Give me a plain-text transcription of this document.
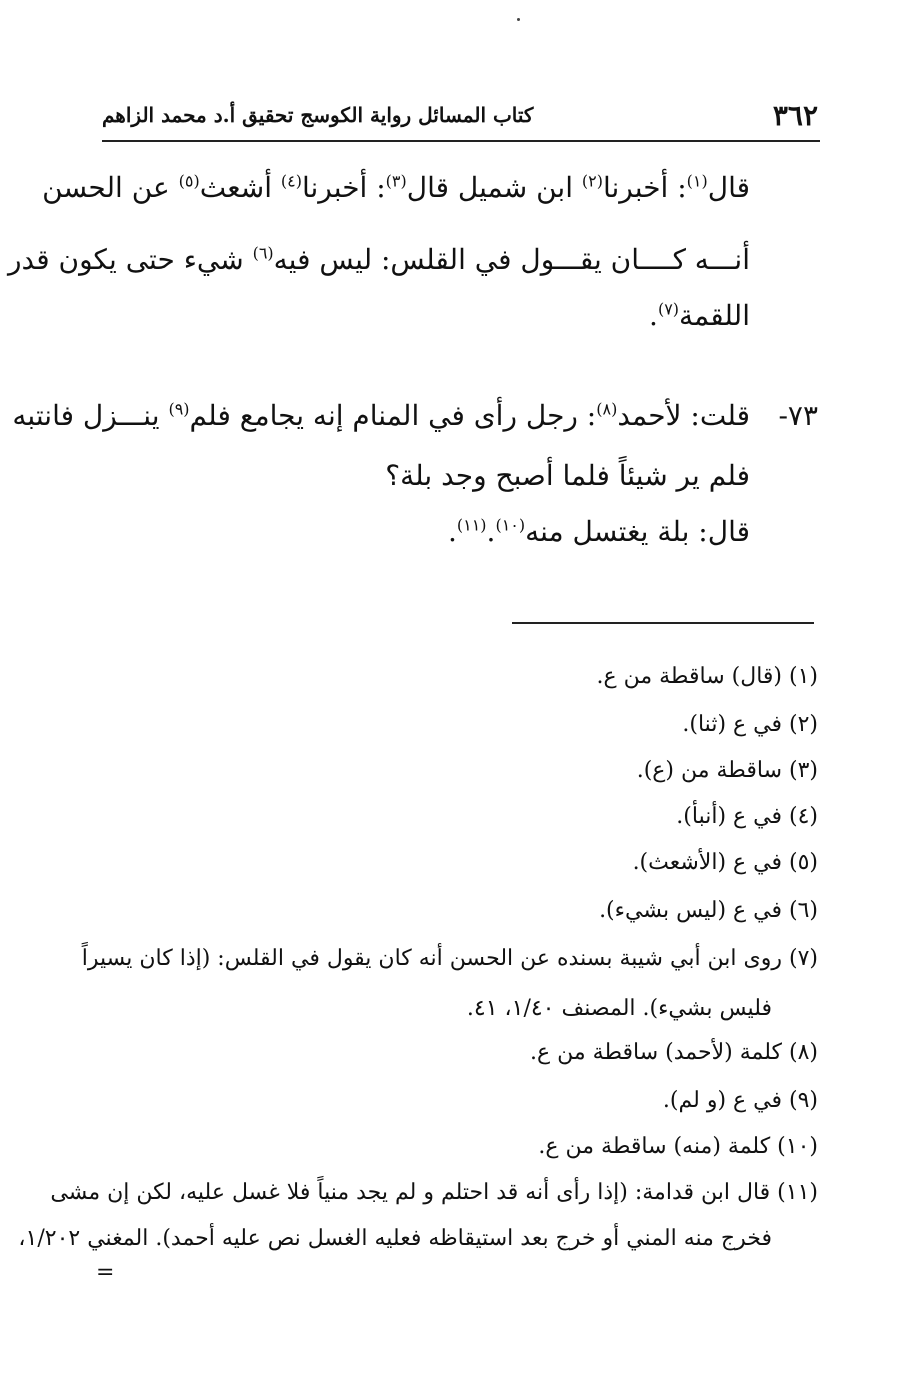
٣٦٢
كتاب المسائل رواية الكوسج تحقيق أ.د محمد الزاهم
قال$^{(١)}$: أخبرنا$^{(٢)}$ ابن شميل قال$^{(٣)}$: أخبرنا$^{(٤)}$ أشعث$^{(٥)}$ عن الحسن
أنـــه كــــان يقـــول في القلس: ليس فيه$^{(٦)}$ شيء حتى يكون قدر
اللقمة$^{(٧)}$.
٧٣-
قلت: لأحمد$^{(٨)}$: رجل رأى في المنام إنه يجامع فلم$^{(٩)}$ ينـــزل فانتبه
فلم ير شيئاً فلما أصبح وجد بلة؟
قال: بلة يغتسل منه$^{(١٠)}$.$^{(١١)}$.
(١) (قال) ساقطة من ع.
(٢) في ع (ثنا).
(٣) ساقطة من (ع).
(٤) في ع (أنبأ).
(٥) في ع (الأشعث).
(٦) في ع (ليس بشيء).
(٧) روى ابن أبي شيبة بسنده عن الحسن أنه كان يقول في القلس: (إذا كان يسيراً
فليس بشيء). المصنف ١/٤٠، ٤١.
(٨) كلمة (لأحمد) ساقطة من ع.
(٩) في ع (و لم).
(١٠) كلمة (منه) ساقطة من ع.
(١١) قال ابن قدامة: (إذا رأى أنه قد احتلم و لم يجد منياً فلا غسل عليه، لكن إن مشى
فخرج منه المني أو خرج بعد استيقاظه فعليه الغسل نص عليه أحمد). المغني ١/٢٠٢،
=
